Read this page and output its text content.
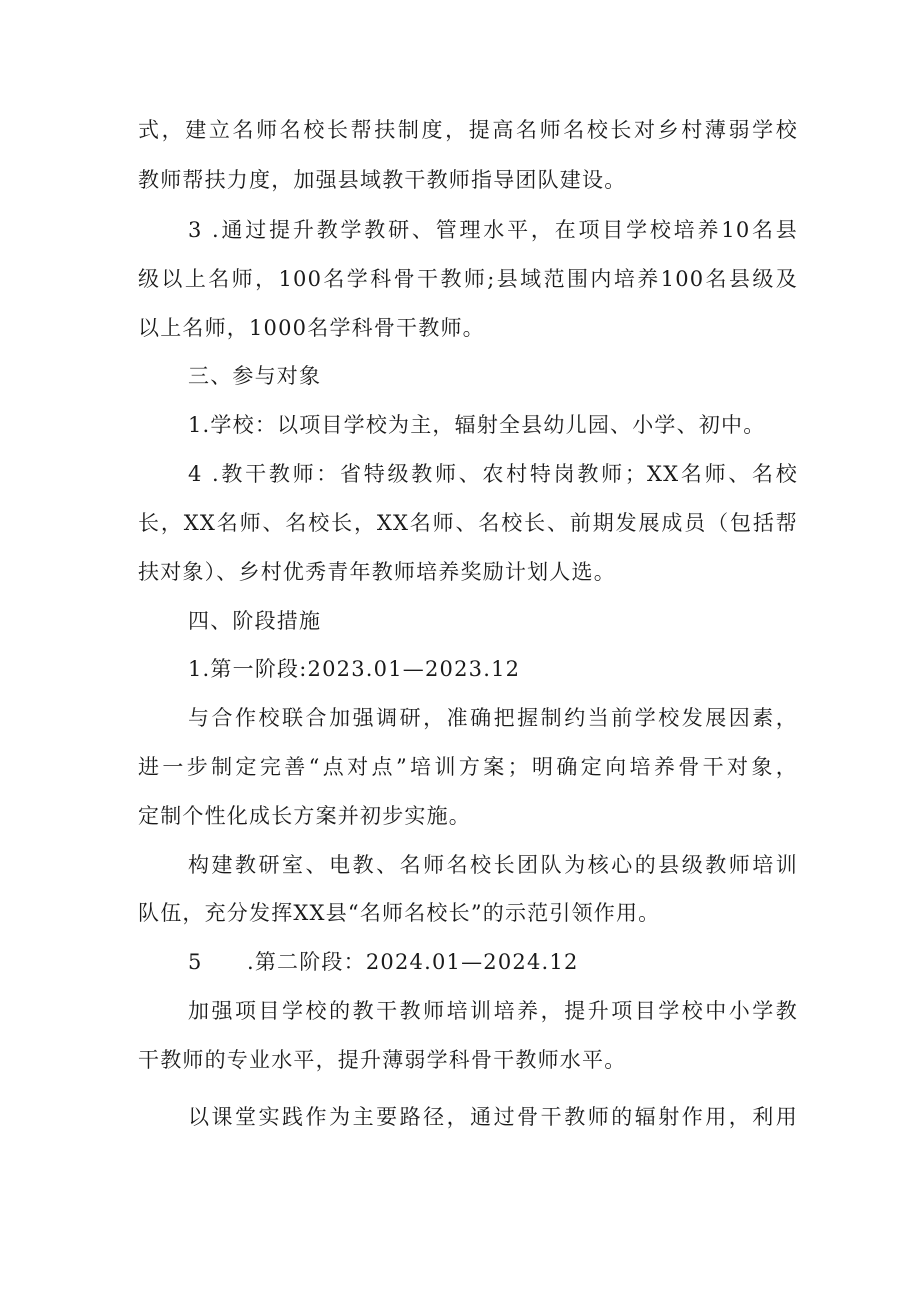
式，建立名师名校长帮扶制度，提高名师名校长对乡村薄弱学校
教师帮扶力度，加强县域教干教师指导团队建设。
3 .通过提升教学教研、管理水平，在项目学校培养10名县
级以上名师，100名学科骨干教师;县域范围内培养100名县级及
以上名师，1000名学科骨干教师。
三、参与对象
1.学校：以项目学校为主，辐射全县幼儿园、小学、初中。
4 .教干教师：省特级教师、农村特岗教师；XX名师、名校
长，XX名师、名校长，XX名师、名校长、前期发展成员（包括帮
扶对象）、乡村优秀青年教师培养奖励计划人选。
四、阶段措施
1.第一阶段:2023.01—2023.12
与合作校联合加强调研，准确把握制约当前学校发展因素，
进一步制定完善“点对点”培训方案；明确定向培养骨干对象，
定制个性化成长方案并初步实施。
构建教研室、电教、名师名校长团队为核心的县级教师培训
队伍，充分发挥XX县“名师名校长”的示范引领作用。
5　　.第二阶段：2024.01—2024.12
加强项目学校的教干教师培训培养，提升项目学校中小学教
干教师的专业水平，提升薄弱学科骨干教师水平。
以课堂实践作为主要路径，通过骨干教师的辐射作用，利用
